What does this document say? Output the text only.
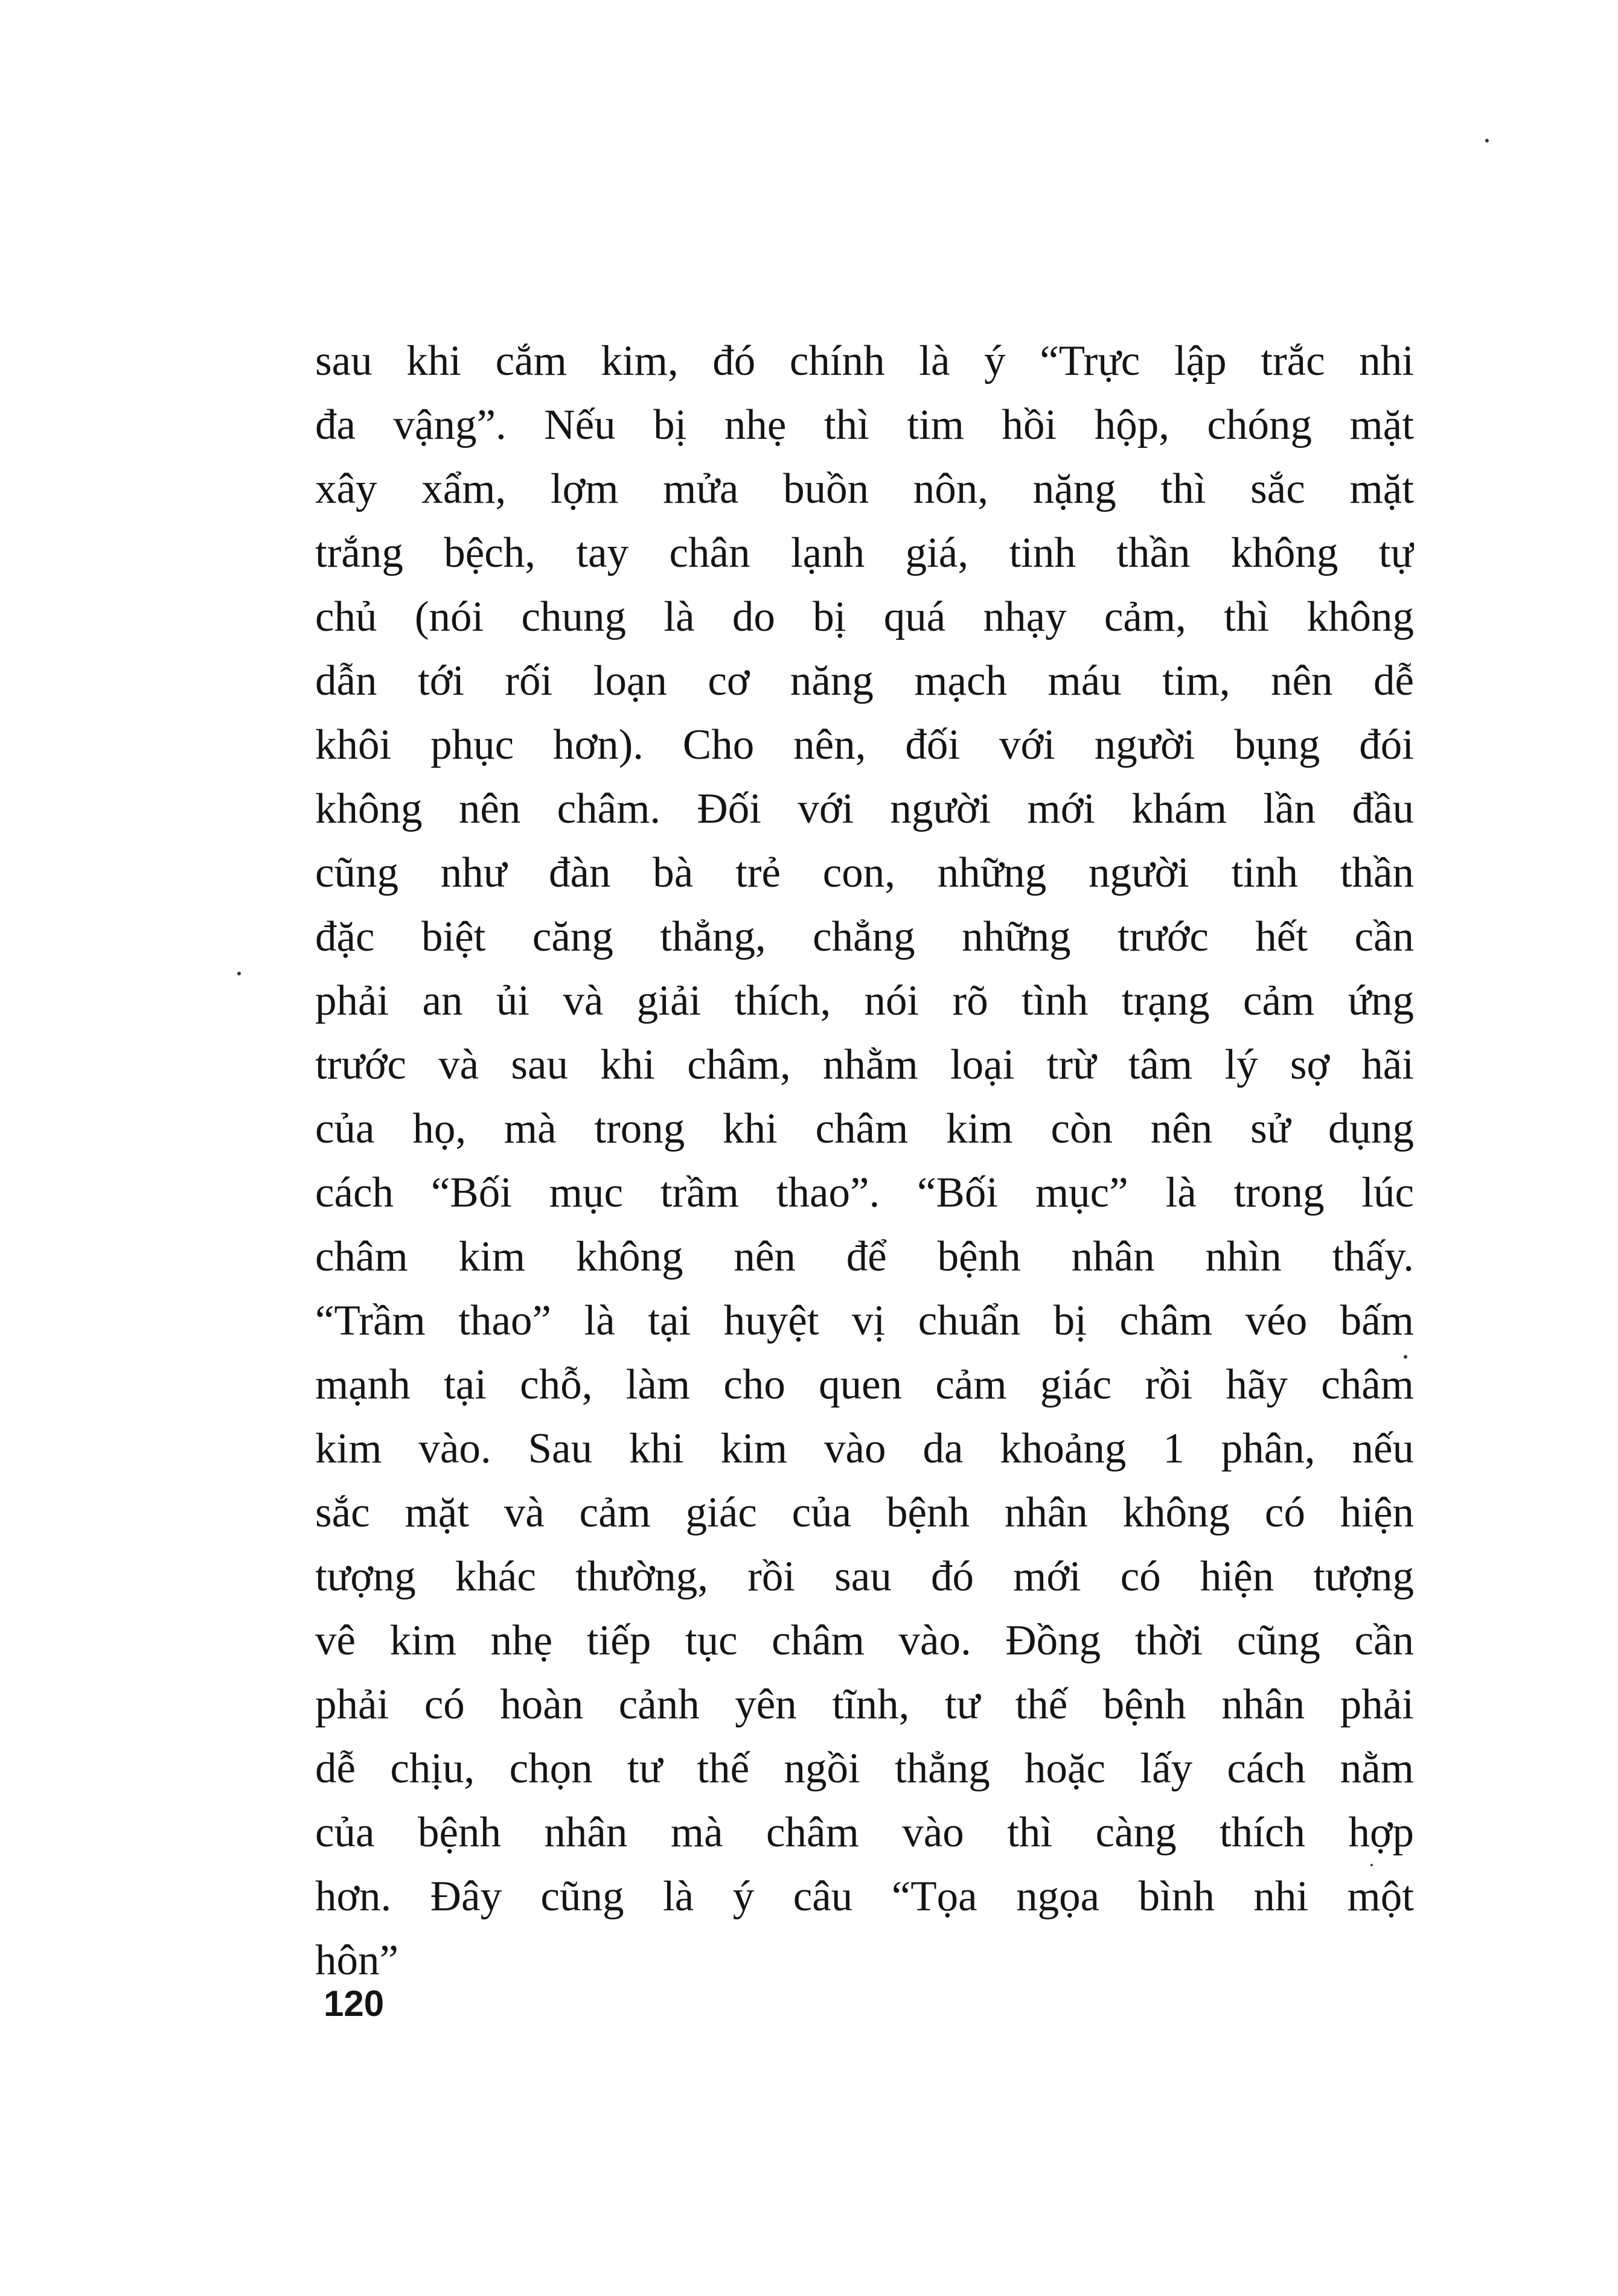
sau khi cắm kim, đó chính là ý “Trực lập trắc nhi
đa vậng”. Nếu bị nhẹ thì tim hồi hộp, chóng mặt
xây xẩm, lợm mửa buồn nôn, nặng thì sắc mặt
trắng bệch, tay chân lạnh giá, tinh thần không tự
chủ (nói chung là do bị quá nhạy cảm, thì không
dẫn tới rối loạn cơ năng mạch máu tim, nên dễ
khôi phục hơn). Cho nên, đối với người bụng đói
không nên châm. Đối với người mới khám lần đầu
cũng như đàn bà trẻ con, những người tinh thần
đặc biệt căng thẳng, chẳng những trước hết cần
phải an ủi và giải thích, nói rõ tình trạng cảm ứng
trước và sau khi châm, nhằm loại trừ tâm lý sợ hãi
của họ, mà trong khi châm kim còn nên sử dụng
cách “Bối mục trầm thao”. “Bối mục” là trong lúc
châm kim không nên để bệnh nhân nhìn thấy.
“Trầm thao” là tại huyệt vị chuẩn bị châm véo bấm
mạnh tại chỗ, làm cho quen cảm giác rồi hãy châm
kim vào. Sau khi kim vào da khoảng 1 phân, nếu
sắc mặt và cảm giác của bệnh nhân không có hiện
tượng khác thường, rồi sau đó mới có hiện tượng
vê kim nhẹ tiếp tục châm vào. Đồng thời cũng cần
phải có hoàn cảnh yên tĩnh, tư thế bệnh nhân phải
dễ chịu, chọn tư thế ngồi thẳng hoặc lấy cách nằm
của bệnh nhân mà châm vào thì càng thích hợp
hơn. Đây cũng là ý câu “Tọa ngọa bình nhi một
hôn”
120
